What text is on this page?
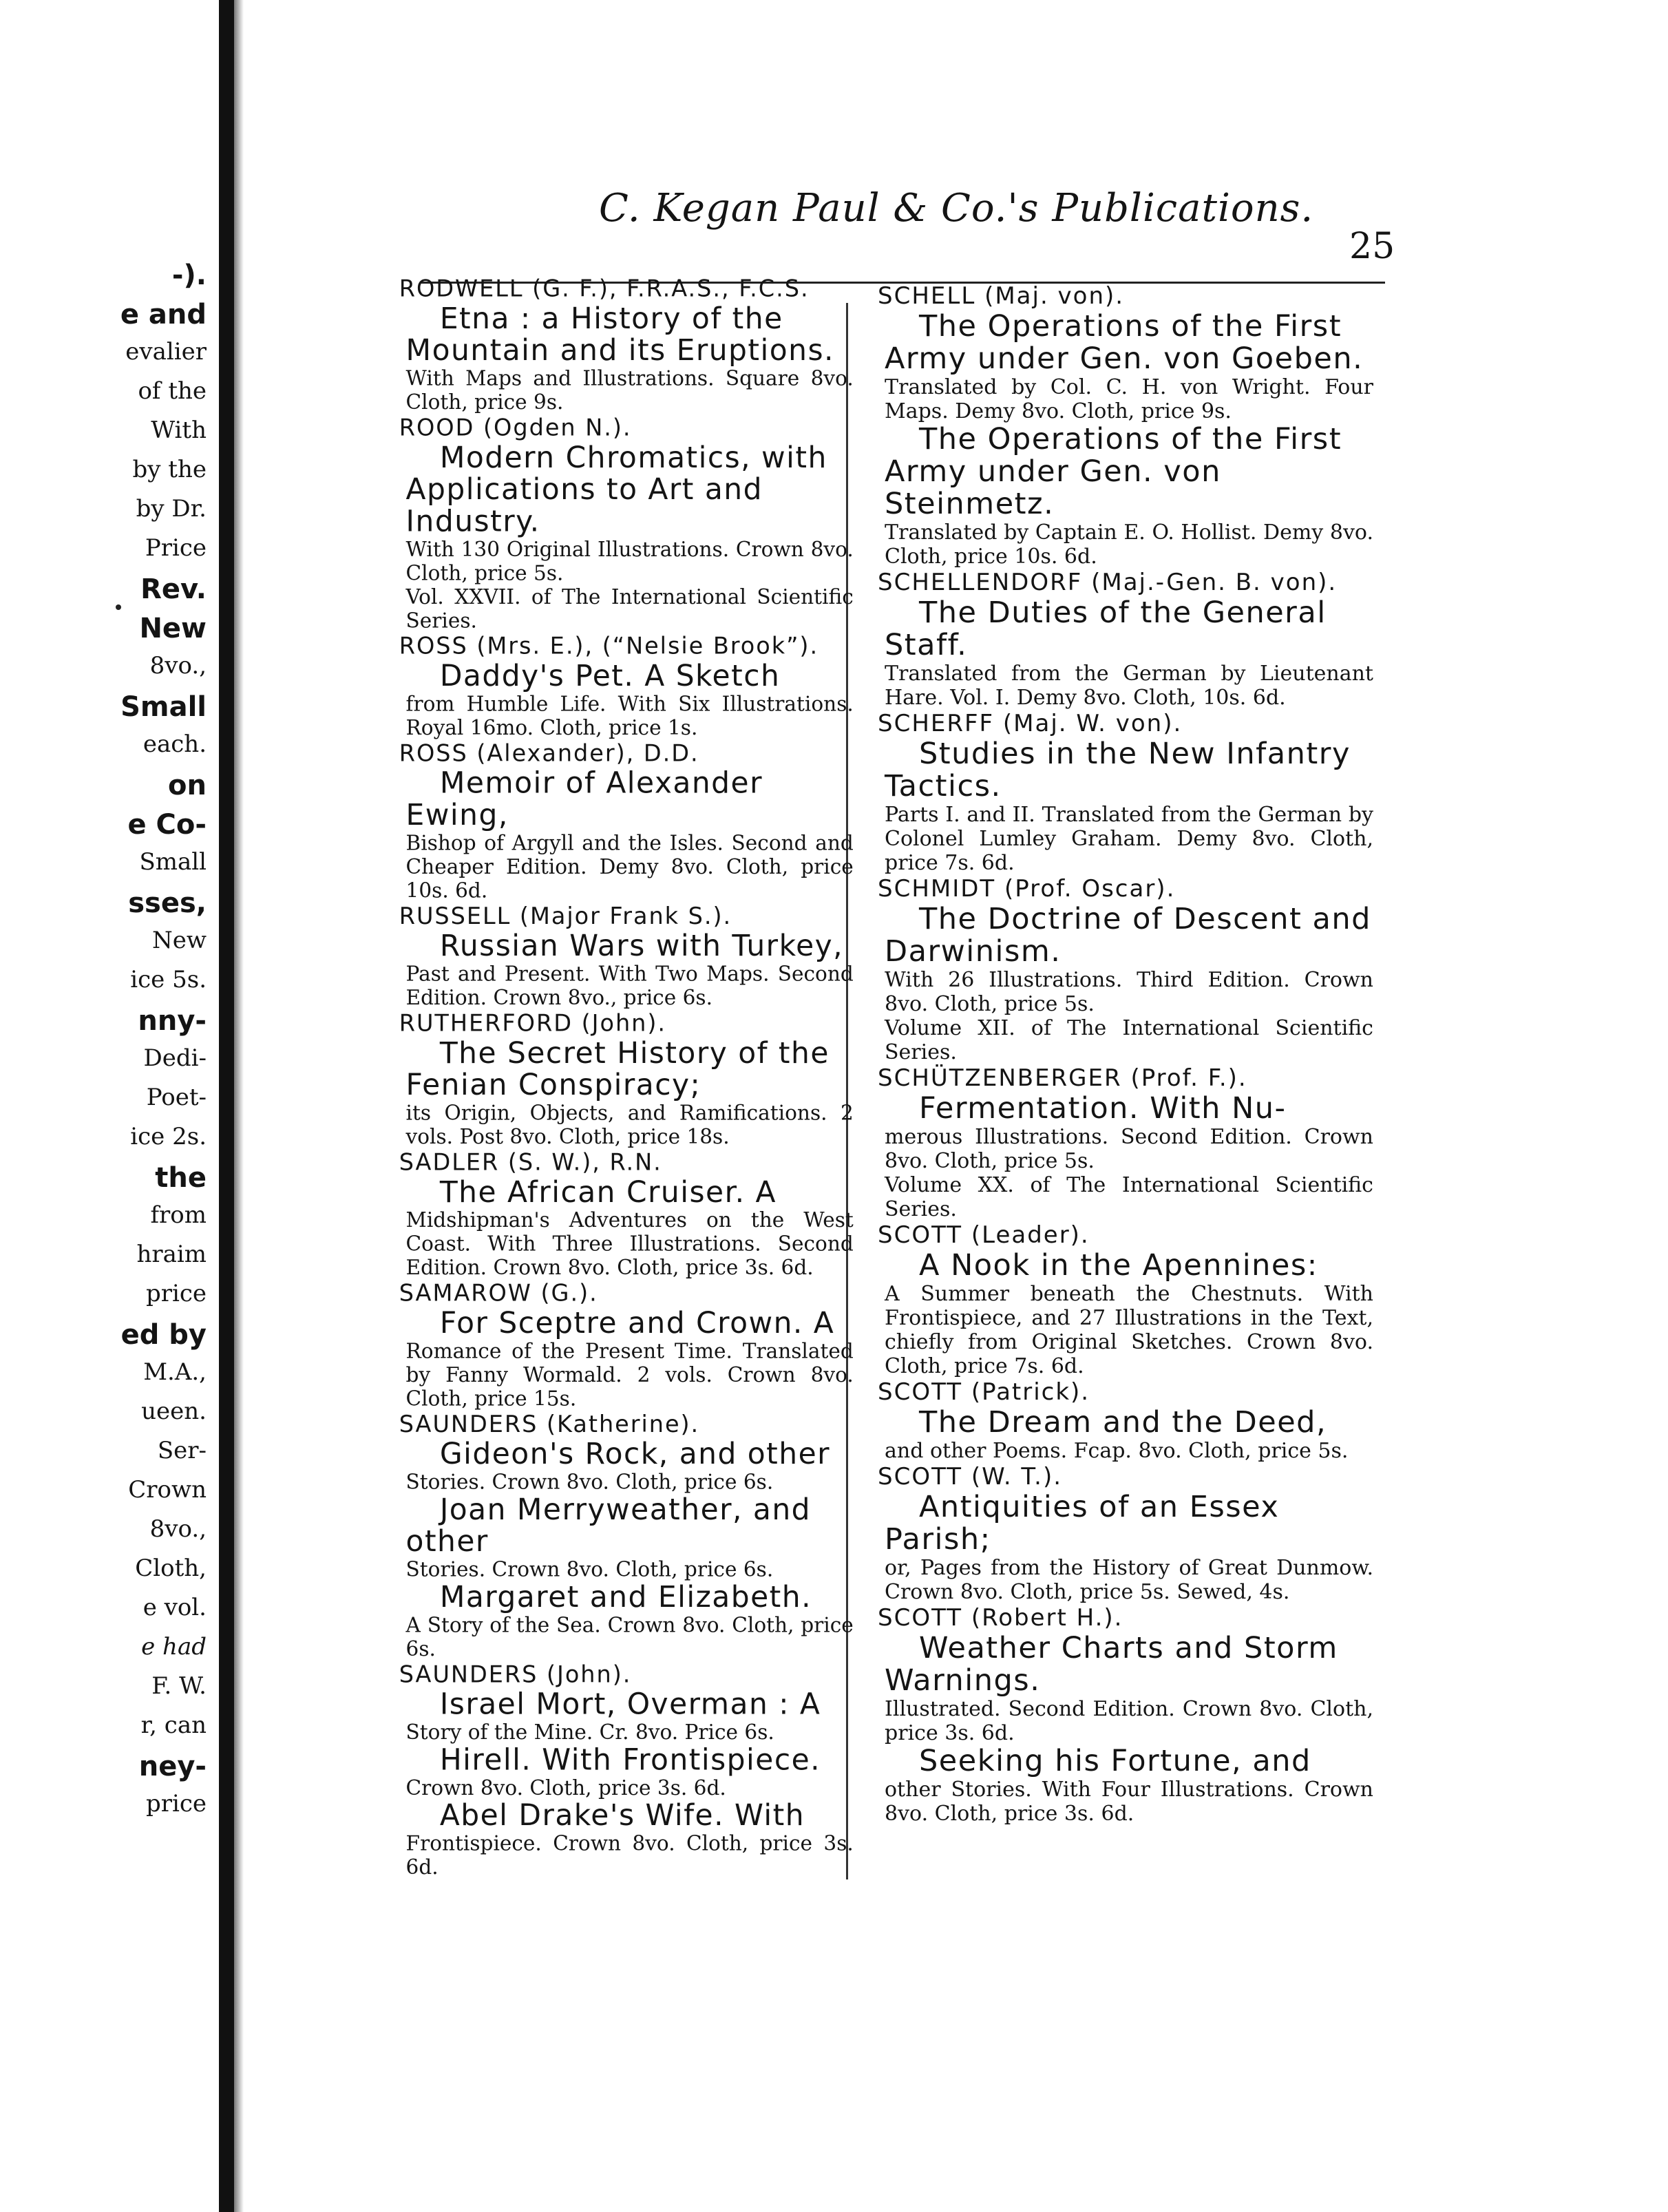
-).
e and
evalier
of the
With
by the
by Dr.
Price
Rev.
New
8vo.,
Small
each.
on
e Co-
Small
sses,
New
ice 5s.
nny-
Dedi-
Poet-
ice 2s.
the
from
hraim
price
ed by
M.A.,
ueen.
Ser-
Crown
8vo.,
Cloth,
e vol.
e had
F. W.
r, can
ney-
price
C. Kegan Paul & Co.'s Publications.
25

RODWELL (G. F.), F.R.A.S., F.C.S.

Etna : a History of the Mountain and its Eruptions.

With Maps and Illustrations. Square 8vo. Cloth, price 9s.

ROOD (Ogden N.).

Modern Chromatics, with Applications to Art and Industry.

With 130 Original Illustrations. Crown 8vo. Cloth, price 5s.
Vol. XXVII. of The International Scientific Series.

ROSS (Mrs. E.), (“Nelsie Brook”).

Daddy's Pet. A Sketch

from Humble Life. With Six Illustrations. Royal 16mo. Cloth, price 1s.

ROSS (Alexander), D.D.

Memoir of Alexander Ewing,

Bishop of Argyll and the Isles. Second and Cheaper Edition. Demy 8vo. Cloth, price 10s. 6d.

RUSSELL (Major Frank S.).

Russian Wars with Turkey,

Past and Present. With Two Maps. Second Edition. Crown 8vo., price 6s.

RUTHERFORD (John).

The Secret History of the Fenian Conspiracy;

its Origin, Objects, and Ramifications. 2 vols. Post 8vo. Cloth, price 18s.

SADLER (S. W.), R.N.

The African Cruiser. A

Midshipman's Adventures on the West Coast. With Three Illustrations. Second Edition. Crown 8vo. Cloth, price 3s. 6d.

SAMAROW (G.).

For Sceptre and Crown. A

Romance of the Present Time. Translated by Fanny Wormald. 2 vols. Crown 8vo. Cloth, price 15s.

SAUNDERS (Katherine).

Gideon's Rock, and other

Stories. Crown 8vo. Cloth, price 6s.

Joan Merryweather, and other

Stories. Crown 8vo. Cloth, price 6s.

Margaret and Elizabeth.

A Story of the Sea. Crown 8vo. Cloth, price 6s.

SAUNDERS (John).

Israel Mort, Overman : A

Story of the Mine. Cr. 8vo. Price 6s.

Hirell. With Frontispiece.

Crown 8vo. Cloth, price 3s. 6d.

Abel Drake's Wife. With

Frontispiece. Crown 8vo. Cloth, price 3s. 6d.

SCHELL (Maj. von).

The Operations of the First Army under Gen. von Goeben.

Translated by Col. C. H. von Wright. Four Maps. Demy 8vo. Cloth, price 9s.

The Operations of the First Army under Gen. von Steinmetz.

Translated by Captain E. O. Hollist. Demy 8vo. Cloth, price 10s. 6d.

SCHELLENDORF (Maj.-Gen. B. von).

The Duties of the General Staff.

Translated from the German by Lieutenant Hare. Vol. I. Demy 8vo. Cloth, 10s. 6d.

SCHERFF (Maj. W. von).

Studies in the New Infantry Tactics.

Parts I. and II. Translated from the German by Colonel Lumley Graham. Demy 8vo. Cloth, price 7s. 6d.

SCHMIDT (Prof. Oscar).

The Doctrine of Descent and Darwinism.

With 26 Illustrations. Third Edition. Crown 8vo. Cloth, price 5s.
Volume XII. of The International Scientific Series.

SCHÜTZENBERGER (Prof. F.).

Fermentation. With Nu-

merous Illustrations. Second Edition. Crown 8vo. Cloth, price 5s.
Volume XX. of The International Scientific Series.

SCOTT (Leader).

A Nook in the Apennines:

A Summer beneath the Chestnuts. With Frontispiece, and 27 Illustrations in the Text, chiefly from Original Sketches. Crown 8vo. Cloth, price 7s. 6d.

SCOTT (Patrick).

The Dream and the Deed,

and other Poems. Fcap. 8vo. Cloth, price 5s.

SCOTT (W. T.).

Antiquities of an Essex Parish;

or, Pages from the History of Great Dunmow. Crown 8vo. Cloth, price 5s. Sewed, 4s.

SCOTT (Robert H.).

Weather Charts and Storm Warnings.

Illustrated. Second Edition. Crown 8vo. Cloth, price 3s. 6d.

Seeking his Fortune, and

other Stories. With Four Illustrations. Crown 8vo. Cloth, price 3s. 6d.
